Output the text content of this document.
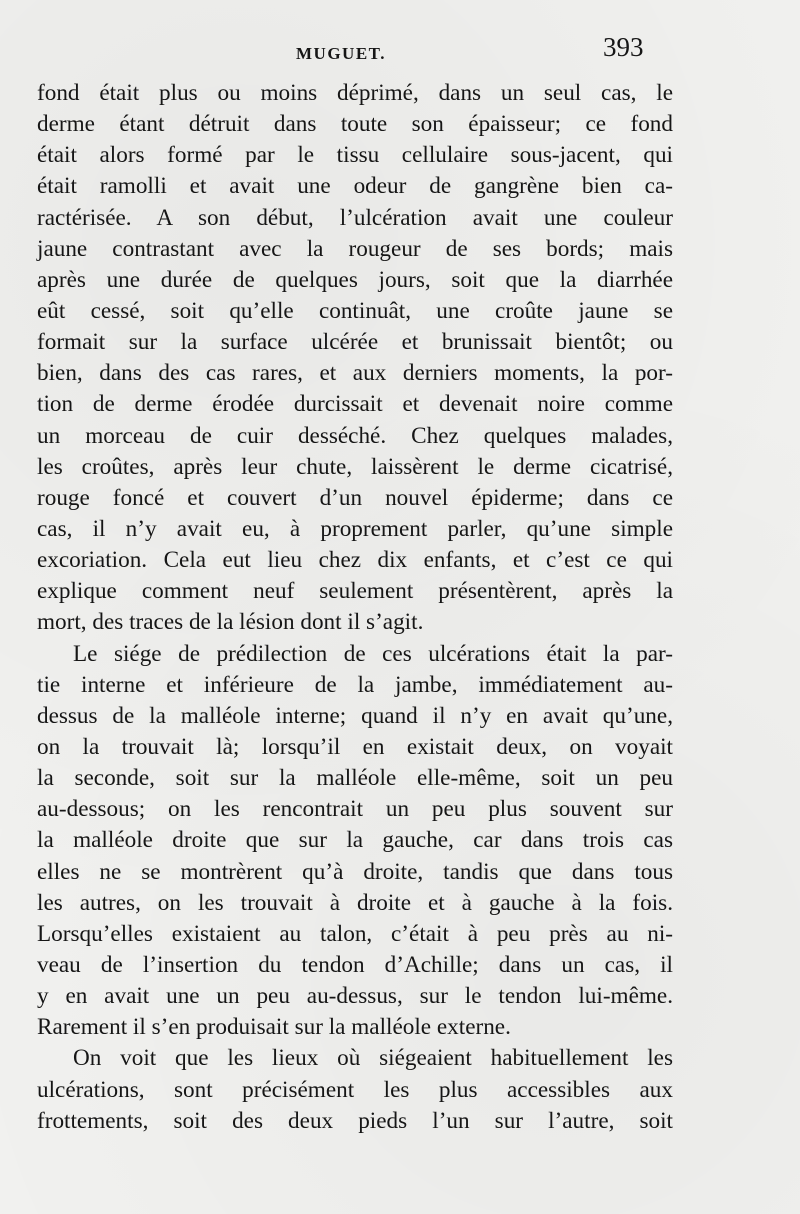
MUGUET.	393
fond était plus ou moins déprimé, dans un seul cas, le
derme étant détruit dans toute son épaisseur; ce fond
était alors formé par le tissu cellulaire sous-jacent, qui
était ramolli et avait une odeur de gangrène bien ca-
ractérisée. A son début, l’ulcération avait une couleur
jaune contrastant avec la rougeur de ses bords; mais
après une durée de quelques jours, soit que la diarrhée
eût cessé, soit qu’elle continuât, une croûte jaune se
formait sur la surface ulcérée et brunissait bientôt; ou
bien, dans des cas rares, et aux derniers moments, la por-
tion de derme érodée durcissait et devenait noire comme
un morceau de cuir desséché. Chez quelques malades,
les croûtes, après leur chute, laissèrent le derme cicatrisé,
rouge foncé et couvert d’un nouvel épiderme; dans ce
cas, il n’y avait eu, à proprement parler, qu’une simple
excoriation. Cela eut lieu chez dix enfants, et c’est ce qui
explique comment neuf seulement présentèrent, après la
mort, des traces de la lésion dont il s’agit.
Le siége de prédilection de ces ulcérations était la par-
tie interne et inférieure de la jambe, immédiatement au-
dessus de la malléole interne; quand il n’y en avait qu’une,
on la trouvait là; lorsqu’il en existait deux, on voyait
la seconde, soit sur la malléole elle-même, soit un peu
au-dessous; on les rencontrait un peu plus souvent sur
la malléole droite que sur la gauche, car dans trois cas
elles ne se montrèrent qu’à droite, tandis que dans tous
les autres, on les trouvait à droite et à gauche à la fois.
Lorsqu’elles existaient au talon, c’était à peu près au ni-
veau de l’insertion du tendon d’Achille; dans un cas, il
y en avait une un peu au-dessus, sur le tendon lui-même.
Rarement il s’en produisait sur la malléole externe.
On voit que les lieux où siégeaient habituellement les
ulcérations, sont précisément les plus accessibles aux
frottements, soit des deux pieds l’un sur l’autre, soit
